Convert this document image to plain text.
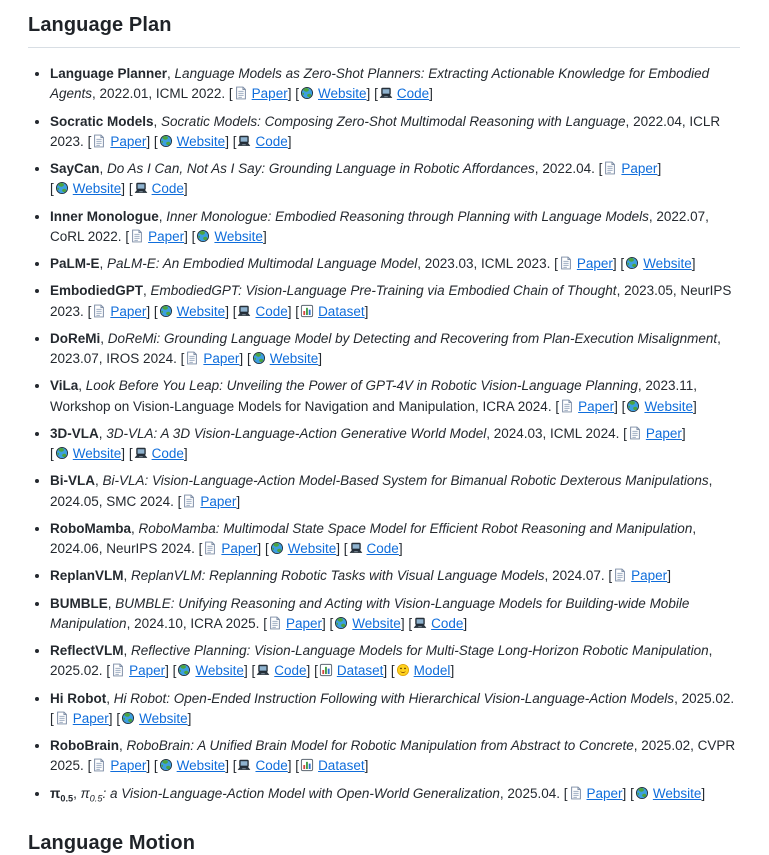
Language Plan
• Language Planner, Language Models as Zero-Shot Planners: Extracting Actionable Knowledge for Embodied Agents, 2022.01, ICML 2022. [ Paper] [ Website] [ Code]
• Socratic Models, Socratic Models: Composing Zero-Shot Multimodal Reasoning with Language, 2022.04, ICLR 2023. [ Paper] [ Website] [ Code]
• SayCan, Do As I Can, Not As I Say: Grounding Language in Robotic Affordances, 2022.04. [ Paper] [ Website] [ Code]
• Inner Monologue, Inner Monologue: Embodied Reasoning through Planning with Language Models, 2022.07, CoRL 2022. [ Paper] [ Website]
• PaLM-E, PaLM-E: An Embodied Multimodal Language Model, 2023.03, ICML 2023. [ Paper] [ Website]
• EmbodiedGPT, EmbodiedGPT: Vision-Language Pre-Training via Embodied Chain of Thought, 2023.05, NeurIPS 2023. [ Paper] [ Website] [ Code] [ Dataset]
• DoReMi, DoReMi: Grounding Language Model by Detecting and Recovering from Plan-Execution Misalignment, 2023.07, IROS 2024. [ Paper] [ Website]
• ViLa, Look Before You Leap: Unveiling the Power of GPT-4V in Robotic Vision-Language Planning, 2023.11, Workshop on Vision-Language Models for Navigation and Manipulation, ICRA 2024. [ Paper] [ Website]
• 3D-VLA, 3D-VLA: A 3D Vision-Language-Action Generative World Model, 2024.03, ICML 2024. [ Paper] [ Website] [ Code]
• Bi-VLA, Bi-VLA: Vision-Language-Action Model-Based System for Bimanual Robotic Dexterous Manipulations, 2024.05, SMC 2024. [ Paper]
• RoboMamba, RoboMamba: Multimodal State Space Model for Efficient Robot Reasoning and Manipulation, 2024.06, NeurIPS 2024. [ Paper] [ Website] [ Code]
• ReplanVLM, ReplanVLM: Replanning Robotic Tasks with Visual Language Models, 2024.07. [ Paper]
• BUMBLE, BUMBLE: Unifying Reasoning and Acting with Vision-Language Models for Building-wide Mobile Manipulation, 2024.10, ICRA 2025. [ Paper] [ Website] [ Code]
• ReflectVLM, Reflective Planning: Vision-Language Models for Multi-Stage Long-Horizon Robotic Manipulation, 2025.02. [ Paper] [ Website] [ Code] [ Dataset] [ Model]
• Hi Robot, Hi Robot: Open-Ended Instruction Following with Hierarchical Vision-Language-Action Models, 2025.02. [ Paper] [ Website]
• RoboBrain, RoboBrain: A Unified Brain Model for Robotic Manipulation from Abstract to Concrete, 2025.02, CVPR 2025. [ Paper] [ Website] [ Code] [ Dataset]
• $\pi_{0.5}$, $\pi_{0.5}$: a Vision-Language-Action Model with Open-World Generalization, 2025.04. [ Paper] [ Website]
Language Motion
